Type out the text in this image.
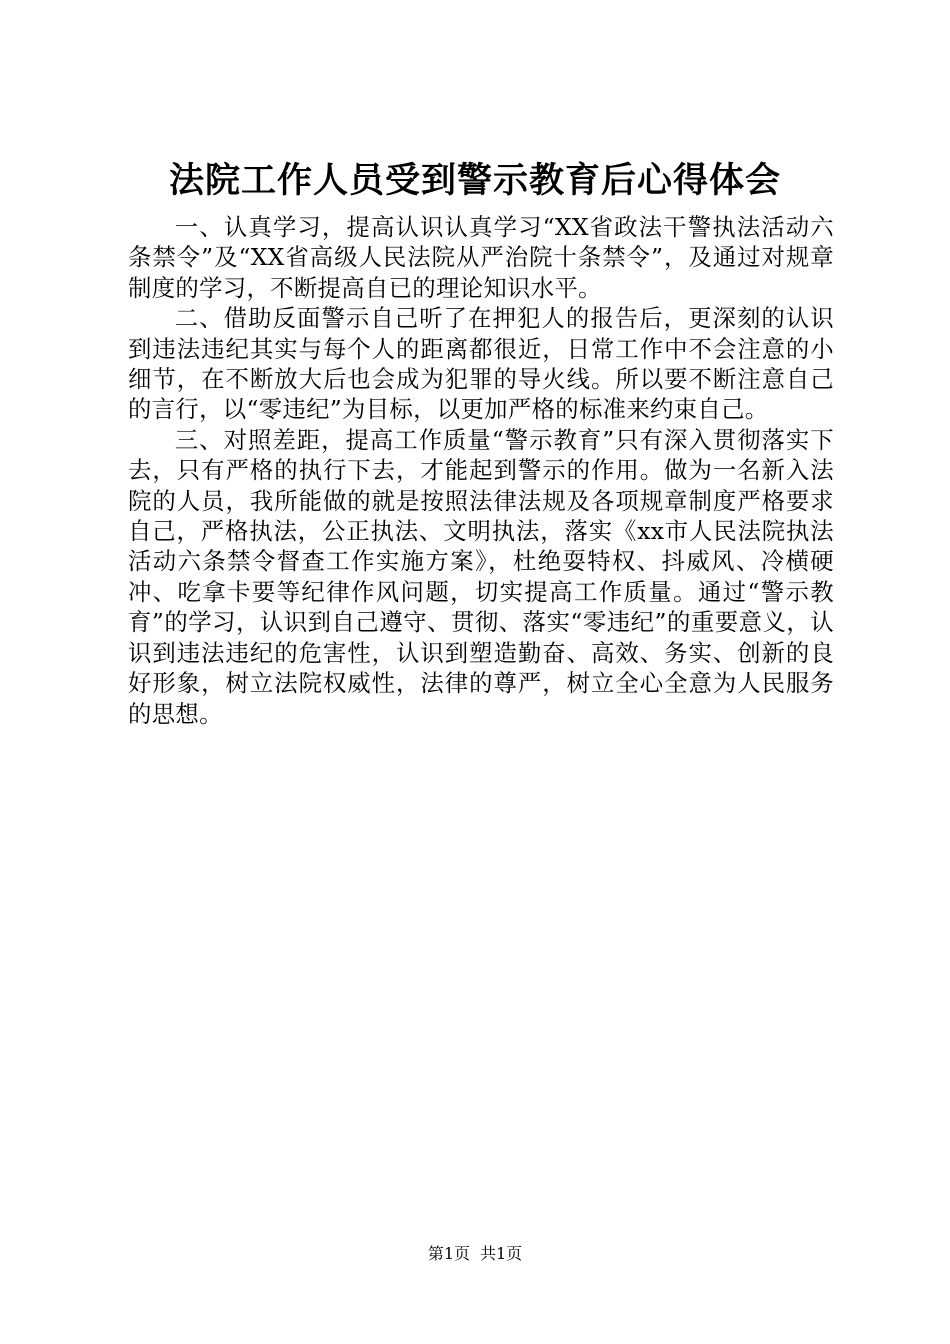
法院工作人员受到警示教育后心得体会

一、认真学习，提高认识认真学习“XX省政法干警执法活动六条禁令”及“XX省高级人民法院从严治院十条禁令”，及通过对规章制度的学习，不断提高自已的理论知识水平。

二、借助反面警示自己听了在押犯人的报告后，更深刻的认识到违法违纪其实与每个人的距离都很近，日常工作中不会注意的小细节，在不断放大后也会成为犯罪的导火线。所以要不断注意自己的言行，以“零违纪”为目标，以更加严格的标准来约束自己。

三、对照差距，提高工作质量“警示教育”只有深入贯彻落实下去，只有严格的执行下去，才能起到警示的作用。做为一名新入法院的人员，我所能做的就是按照法律法规及各项规章制度严格要求自己，严格执法，公正执法、文明执法，落实《xx市人民法院执法活动六条禁令督查工作实施方案》，杜绝耍特权、抖威风、冷横硬冲、吃拿卡要等纪律作风问题，切实提高工作质量。通过“警示教育”的学习，认识到自己遵守、贯彻、落实“零违纪”的重要意义，认识到违法违纪的危害性，认识到塑造勤奋、高效、务实、创新的良好形象，树立法院权威性，法律的尊严，树立全心全意为人民服务的思想。

第1页 共1页
